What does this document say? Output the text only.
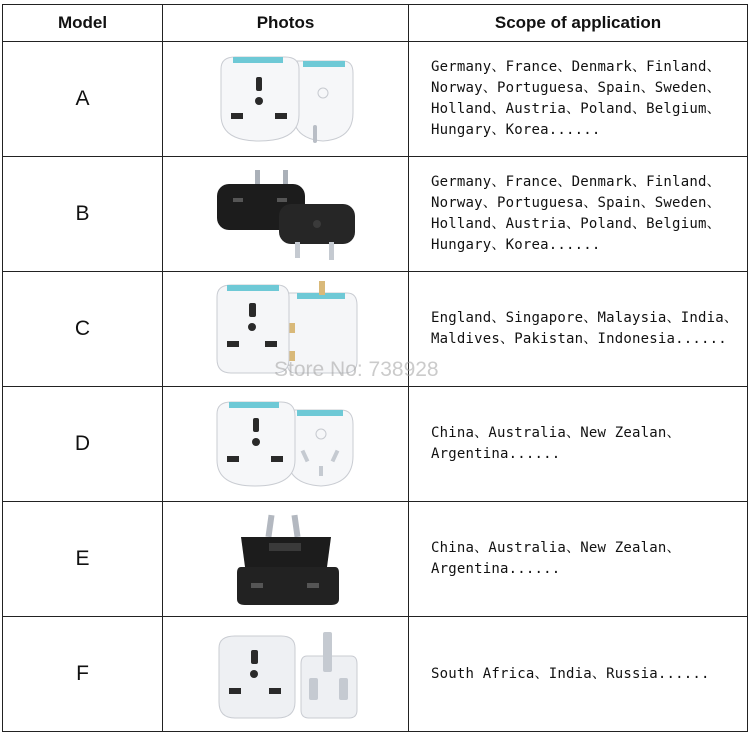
Model	Photos	Scope of application
A		Germany、France、Denmark、Finland、Norway、Portuguesa、Spain、Sweden、Holland、Austria、Poland、Belgium、Hungary、Korea......
B		Germany、France、Denmark、Finland、Norway、Portuguesa、Spain、Sweden、Holland、Austria、Poland、Belgium、Hungary、Korea......
C		England、Singapore、Malaysia、India、Maldives、Pakistan、Indonesia......
D		China、Australia、New Zealan、Argentina......
E		China、Australia、New Zealan、Argentina......
F		South Africa、India、Russia......
Store No: 738928
